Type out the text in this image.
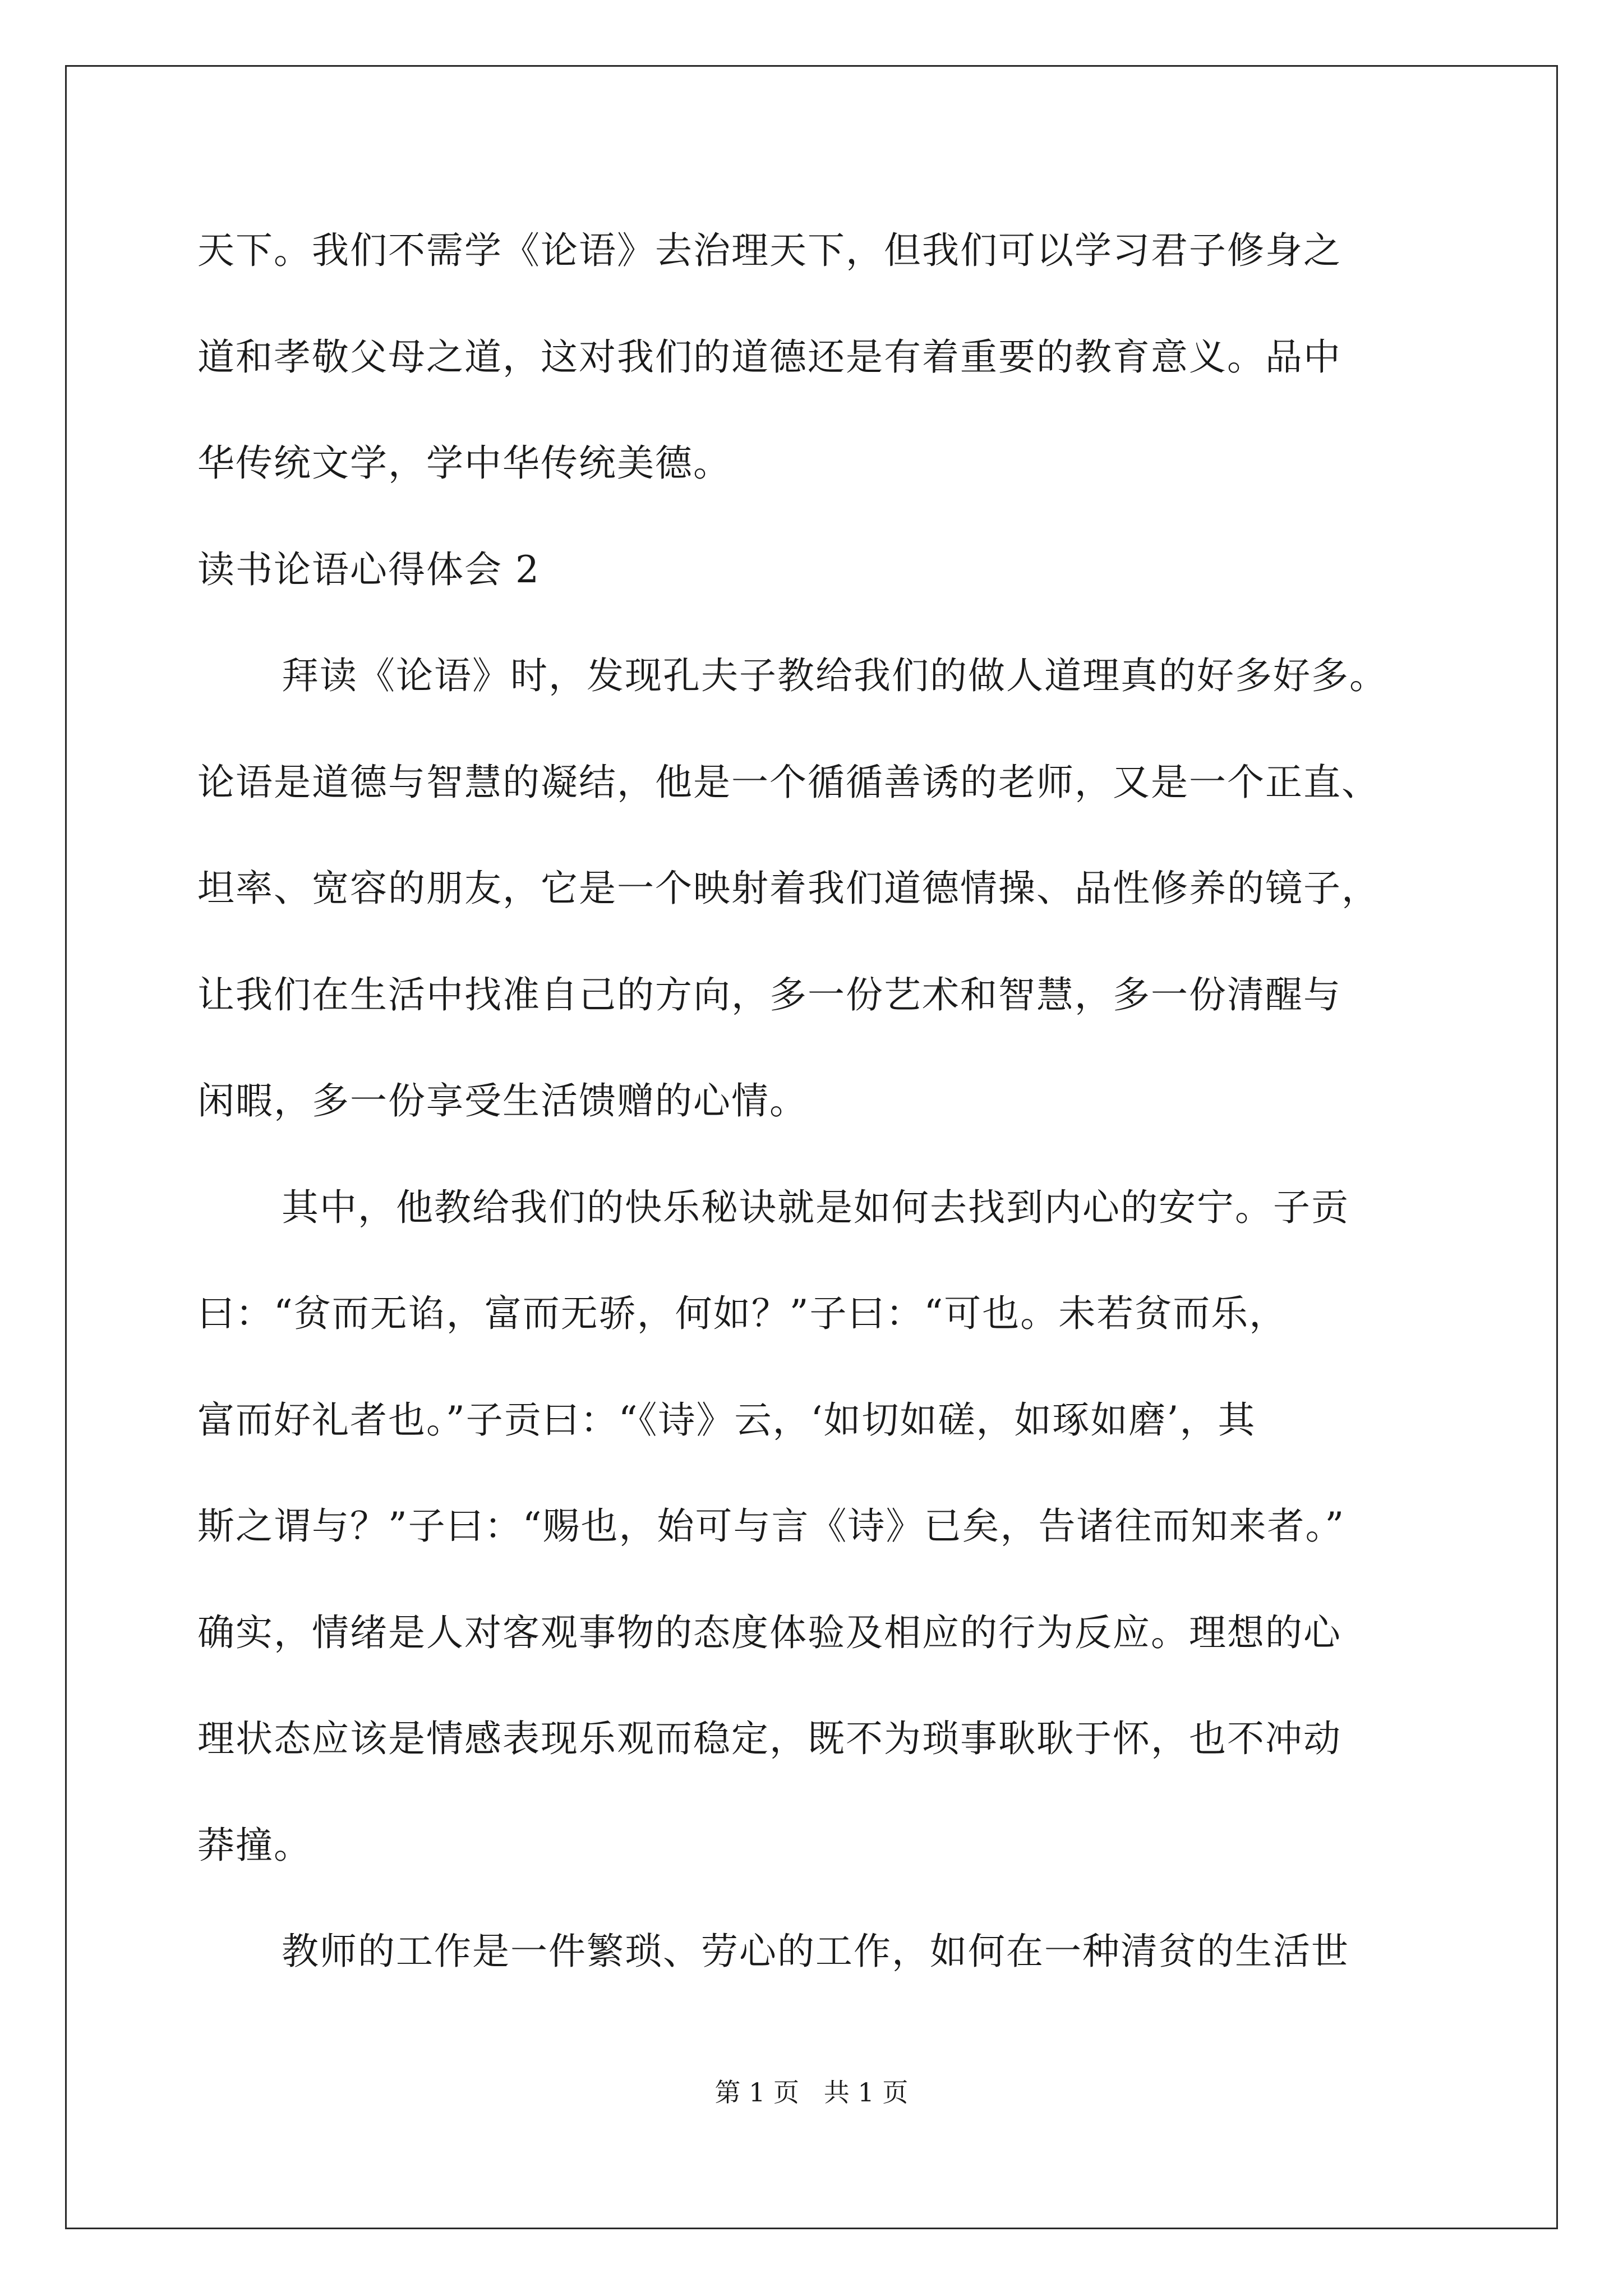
天下。我们不需学《论语》去治理天下，但我们可以学习君子修身之

道和孝敬父母之道，这对我们的道德还是有着重要的教育意义。品中

华传统文学，学中华传统美德。

读书论语心得体会 2

拜读《论语》时，发现孔夫子教给我们的做人道理真的好多好多。

论语是道德与智慧的凝结，他是一个循循善诱的老师，又是一个正直、

坦率、宽容的朋友，它是一个映射着我们道德情操、品性修养的镜子，

让我们在生活中找准自己的方向，多一份艺术和智慧，多一份清醒与

闲暇，多一份享受生活馈赠的心情。

其中，他教给我们的快乐秘诀就是如何去找到内心的安宁。子贡

曰：“贫而无谄，富而无骄，何如？”子曰：“可也。未若贫而乐，

富而好礼者也。”子贡曰：“《诗》云，‘如切如磋，如琢如磨’，其

斯之谓与？”子曰：“赐也，始可与言《诗》已矣，告诸往而知来者。”

确实，情绪是人对客观事物的态度体验及相应的行为反应。理想的心

理状态应该是情感表现乐观而稳定，既不为琐事耿耿于怀，也不冲动

莽撞。

教师的工作是一件繁琐、劳心的工作，如何在一种清贫的生活世

第 1 页   共 1 页
